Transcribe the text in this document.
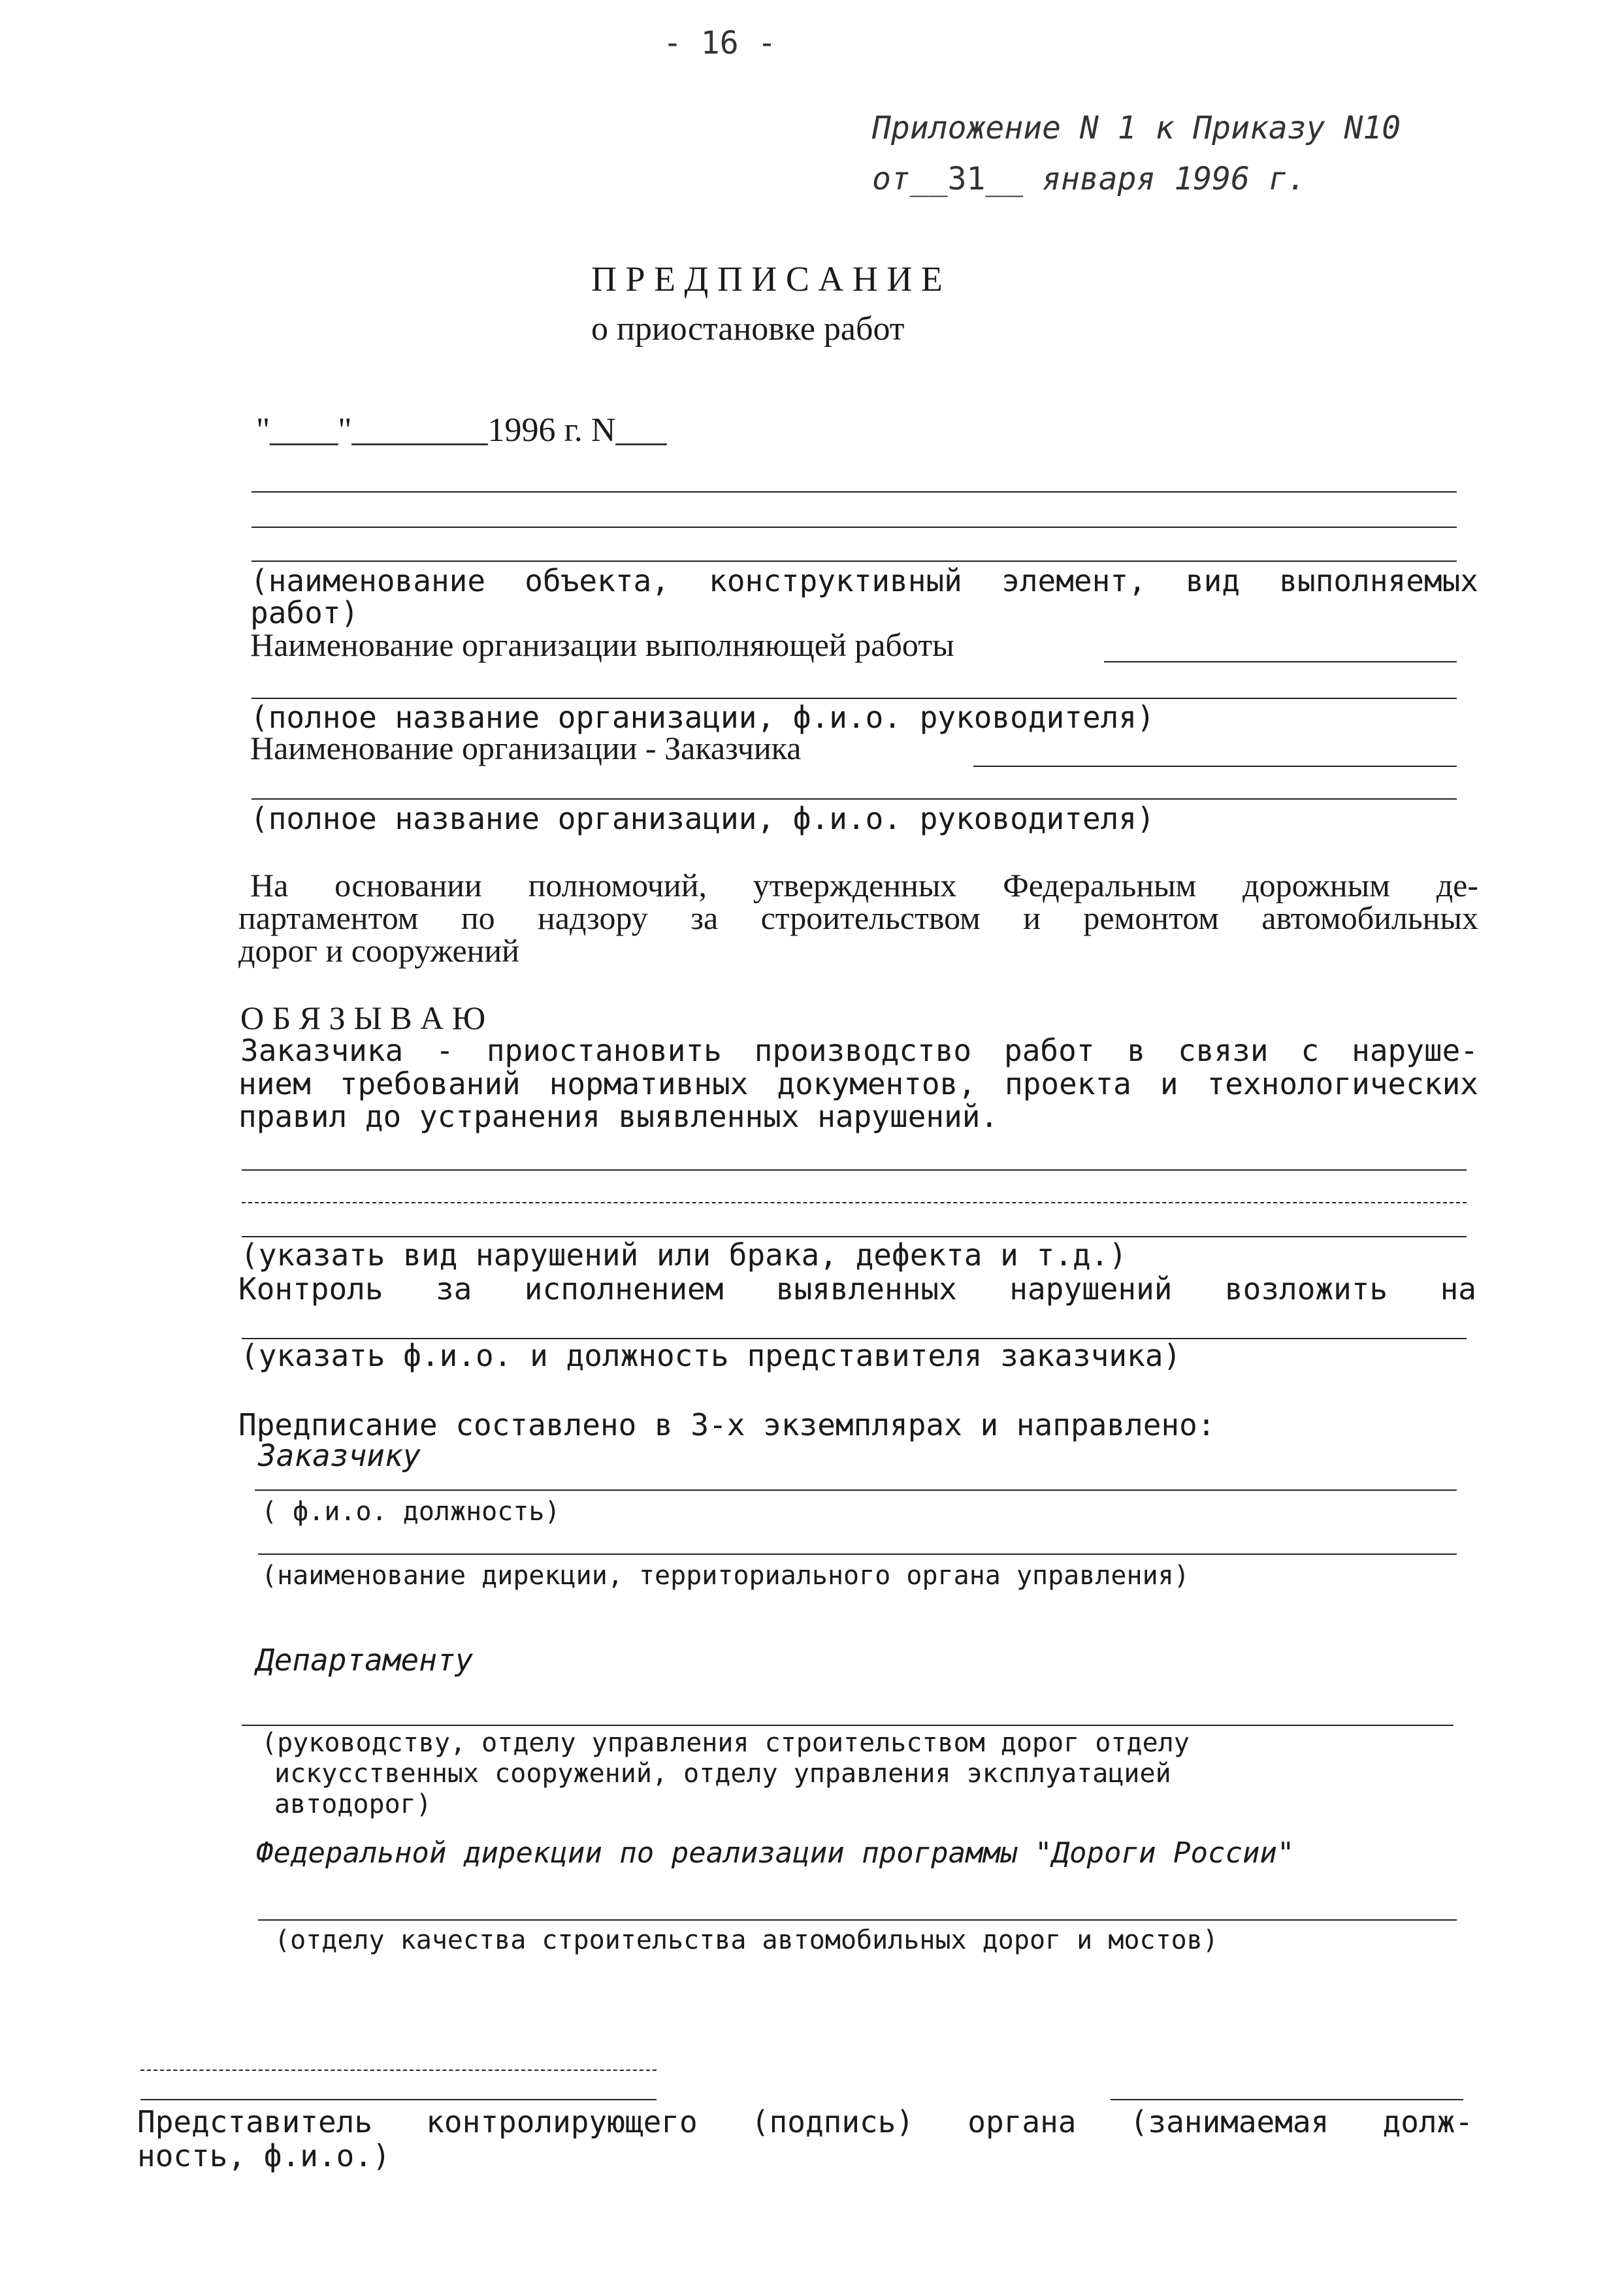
- 16 -
Приложение N 1 к Приказу N10
от__31__ января 1996 г.
П Р Е Д П И С А Н И Е
о приостановке работ
"____"________1996 г. N___
(наименование объекта, конструктивный элемент, вид выполняемых
работ)
Наименование организации выполняющей работы
(полное название организации, ф.и.о. руководителя)
Наименование организации - Заказчика
(полное название организации, ф.и.о. руководителя)
На основании полномочий, утвержденных Федеральным дорожным де-
партаментом по надзору за строительством и ремонтом автомобильных
дорог и сооружений
О Б Я З Ы В А Ю
Заказчика - приостановить производство работ в связи с наруше-
нием требований нормативных документов, проекта и технологических
правил до устранения выявленных нарушений.
(указать вид нарушений или брака, дефекта и т.д.)
Контроль за исполнением выявленных нарушений возложить на
(указать ф.и.о. и должность представителя заказчика)
Предписание составлено в 3-х экземплярах и направлено:
Заказчику
( ф.и.о. должность)
(наименование дирекции, территориального органа управления)
Департаменту
(руководству, отделу управления строительством дорог отделу
искусственных сооружений, отделу управления эксплуатацией
автодорог)
Федеральной дирекции по реализации программы "Дороги России"
(отделу качества строительства автомобильных дорог и мостов)
Представитель контролирующего (подпись) органа (занимаемая долж-
ность, ф.и.о.)
